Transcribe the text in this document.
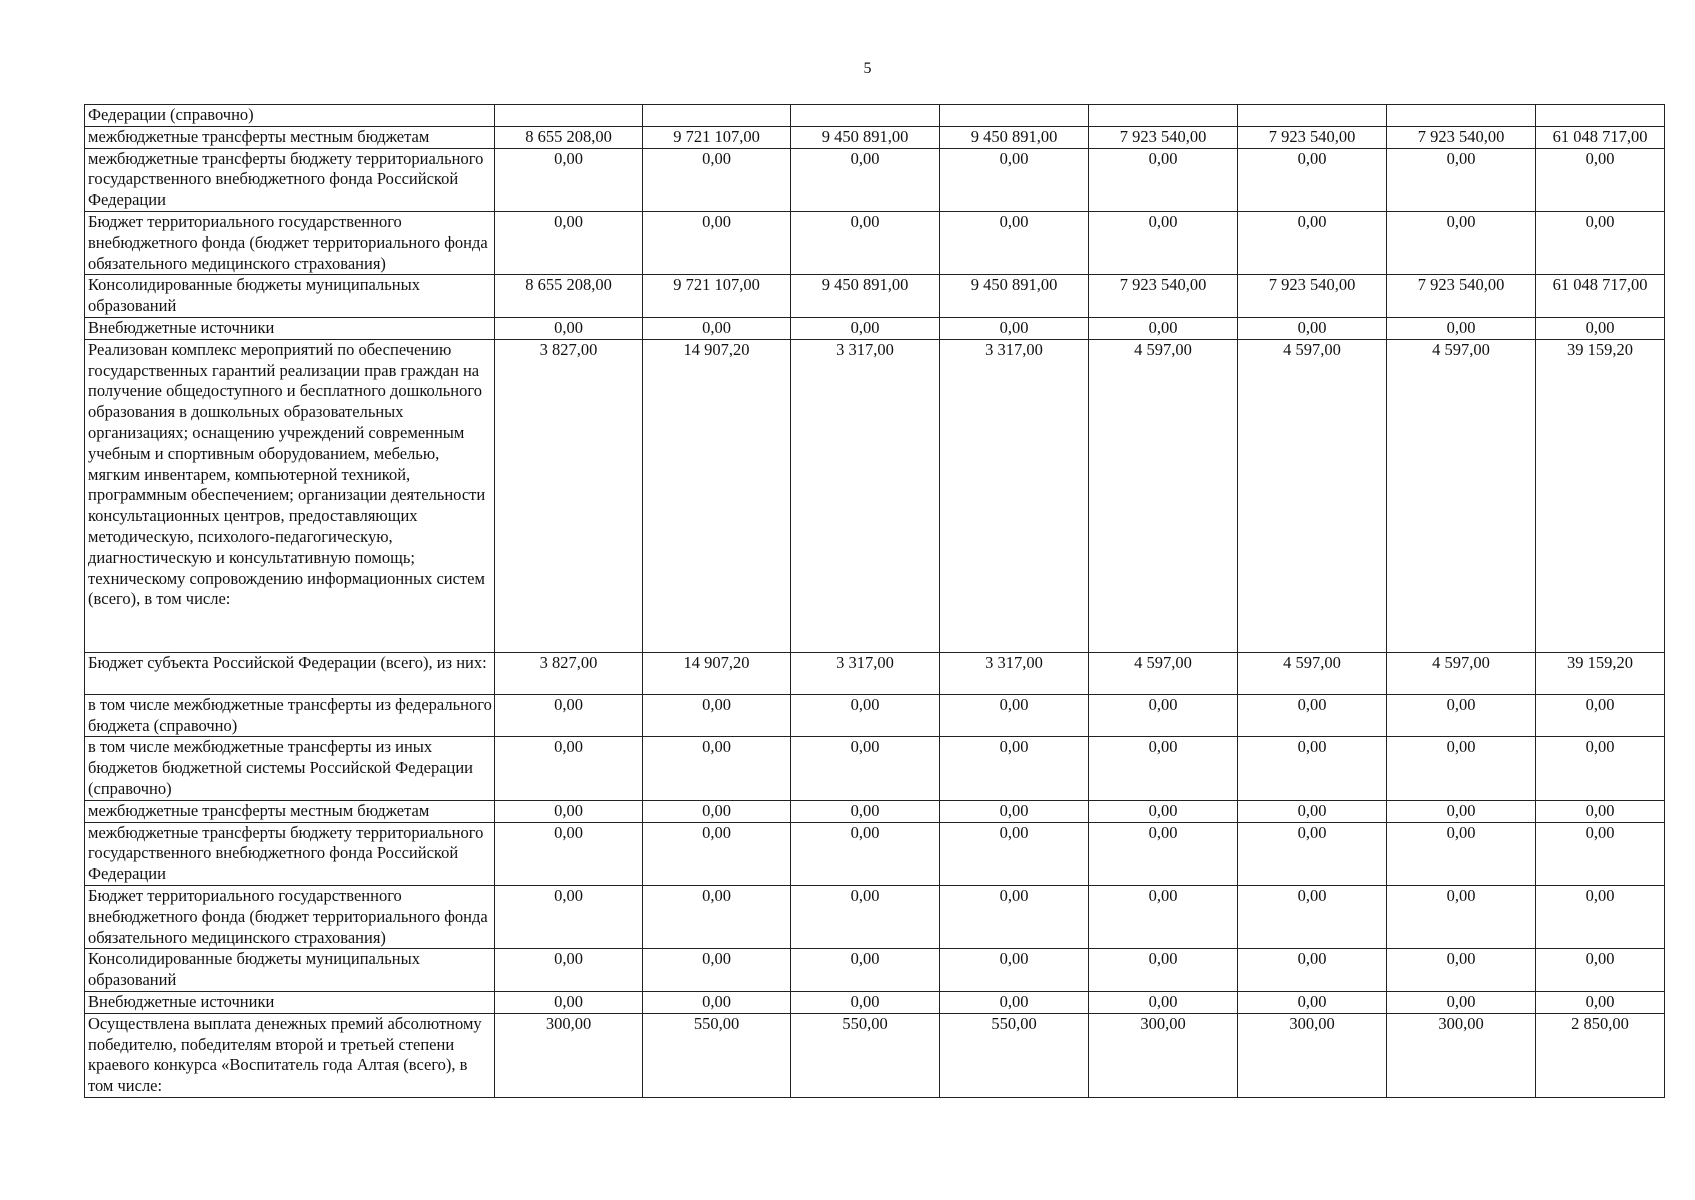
5
Федерации (справочно)								
межбюджетные трансферты местным бюджетам	8 655 208,00	9 721 107,00	9 450 891,00	9 450 891,00	7 923 540,00	7 923 540,00	7 923 540,00	61 048 717,00
межбюджетные трансферты бюджету территориального государственного внебюджетного фонда Российской Федерации	0,00	0,00	0,00	0,00	0,00	0,00	0,00	0,00
Бюджет территориального государственного внебюджетного фонда (бюджет территориального фонда обязательного медицинского страхования)	0,00	0,00	0,00	0,00	0,00	0,00	0,00	0,00
Консолидированные бюджеты муниципальных образований	8 655 208,00	9 721 107,00	9 450 891,00	9 450 891,00	7 923 540,00	7 923 540,00	7 923 540,00	61 048 717,00
Внебюджетные источники	0,00	0,00	0,00	0,00	0,00	0,00	0,00	0,00
Реализован комплекс мероприятий по обеспечению государственных гарантий реализации прав граждан на получение общедоступного и бесплатного дошкольного образования в дошкольных образовательных организациях; оснащению учреждений современным учебным и спортивным оборудованием, мебелью, мягким инвентарем, компьютерной техникой, программным обеспечением; организации деятельности консультационных центров, предоставляющих методическую, психолого-педагогическую, диагностическую и консультативную помощь; техническому сопровождению информационных систем (всего), в том числе:	3 827,00	14 907,20	3 317,00	3 317,00	4 597,00	4 597,00	4 597,00	39 159,20
Бюджет субъекта Российской Федерации (всего), из них:	3 827,00	14 907,20	3 317,00	3 317,00	4 597,00	4 597,00	4 597,00	39 159,20
в том числе межбюджетные трансферты из федерального бюджета (справочно)	0,00	0,00	0,00	0,00	0,00	0,00	0,00	0,00
в том числе межбюджетные трансферты из иных бюджетов бюджетной системы Российской Федерации (справочно)	0,00	0,00	0,00	0,00	0,00	0,00	0,00	0,00
межбюджетные трансферты местным бюджетам	0,00	0,00	0,00	0,00	0,00	0,00	0,00	0,00
межбюджетные трансферты бюджету территориального государственного внебюджетного фонда Российской Федерации	0,00	0,00	0,00	0,00	0,00	0,00	0,00	0,00
Бюджет территориального государственного внебюджетного фонда (бюджет территориального фонда обязательного медицинского страхования)	0,00	0,00	0,00	0,00	0,00	0,00	0,00	0,00
Консолидированные бюджеты муниципальных образований	0,00	0,00	0,00	0,00	0,00	0,00	0,00	0,00
Внебюджетные источники	0,00	0,00	0,00	0,00	0,00	0,00	0,00	0,00
Осуществлена выплата денежных премий абсолютному победителю, победителям второй и третьей степени краевого конкурса «Воспитатель года Алтая (всего), в том числе:	300,00	550,00	550,00	550,00	300,00	300,00	300,00	2 850,00
